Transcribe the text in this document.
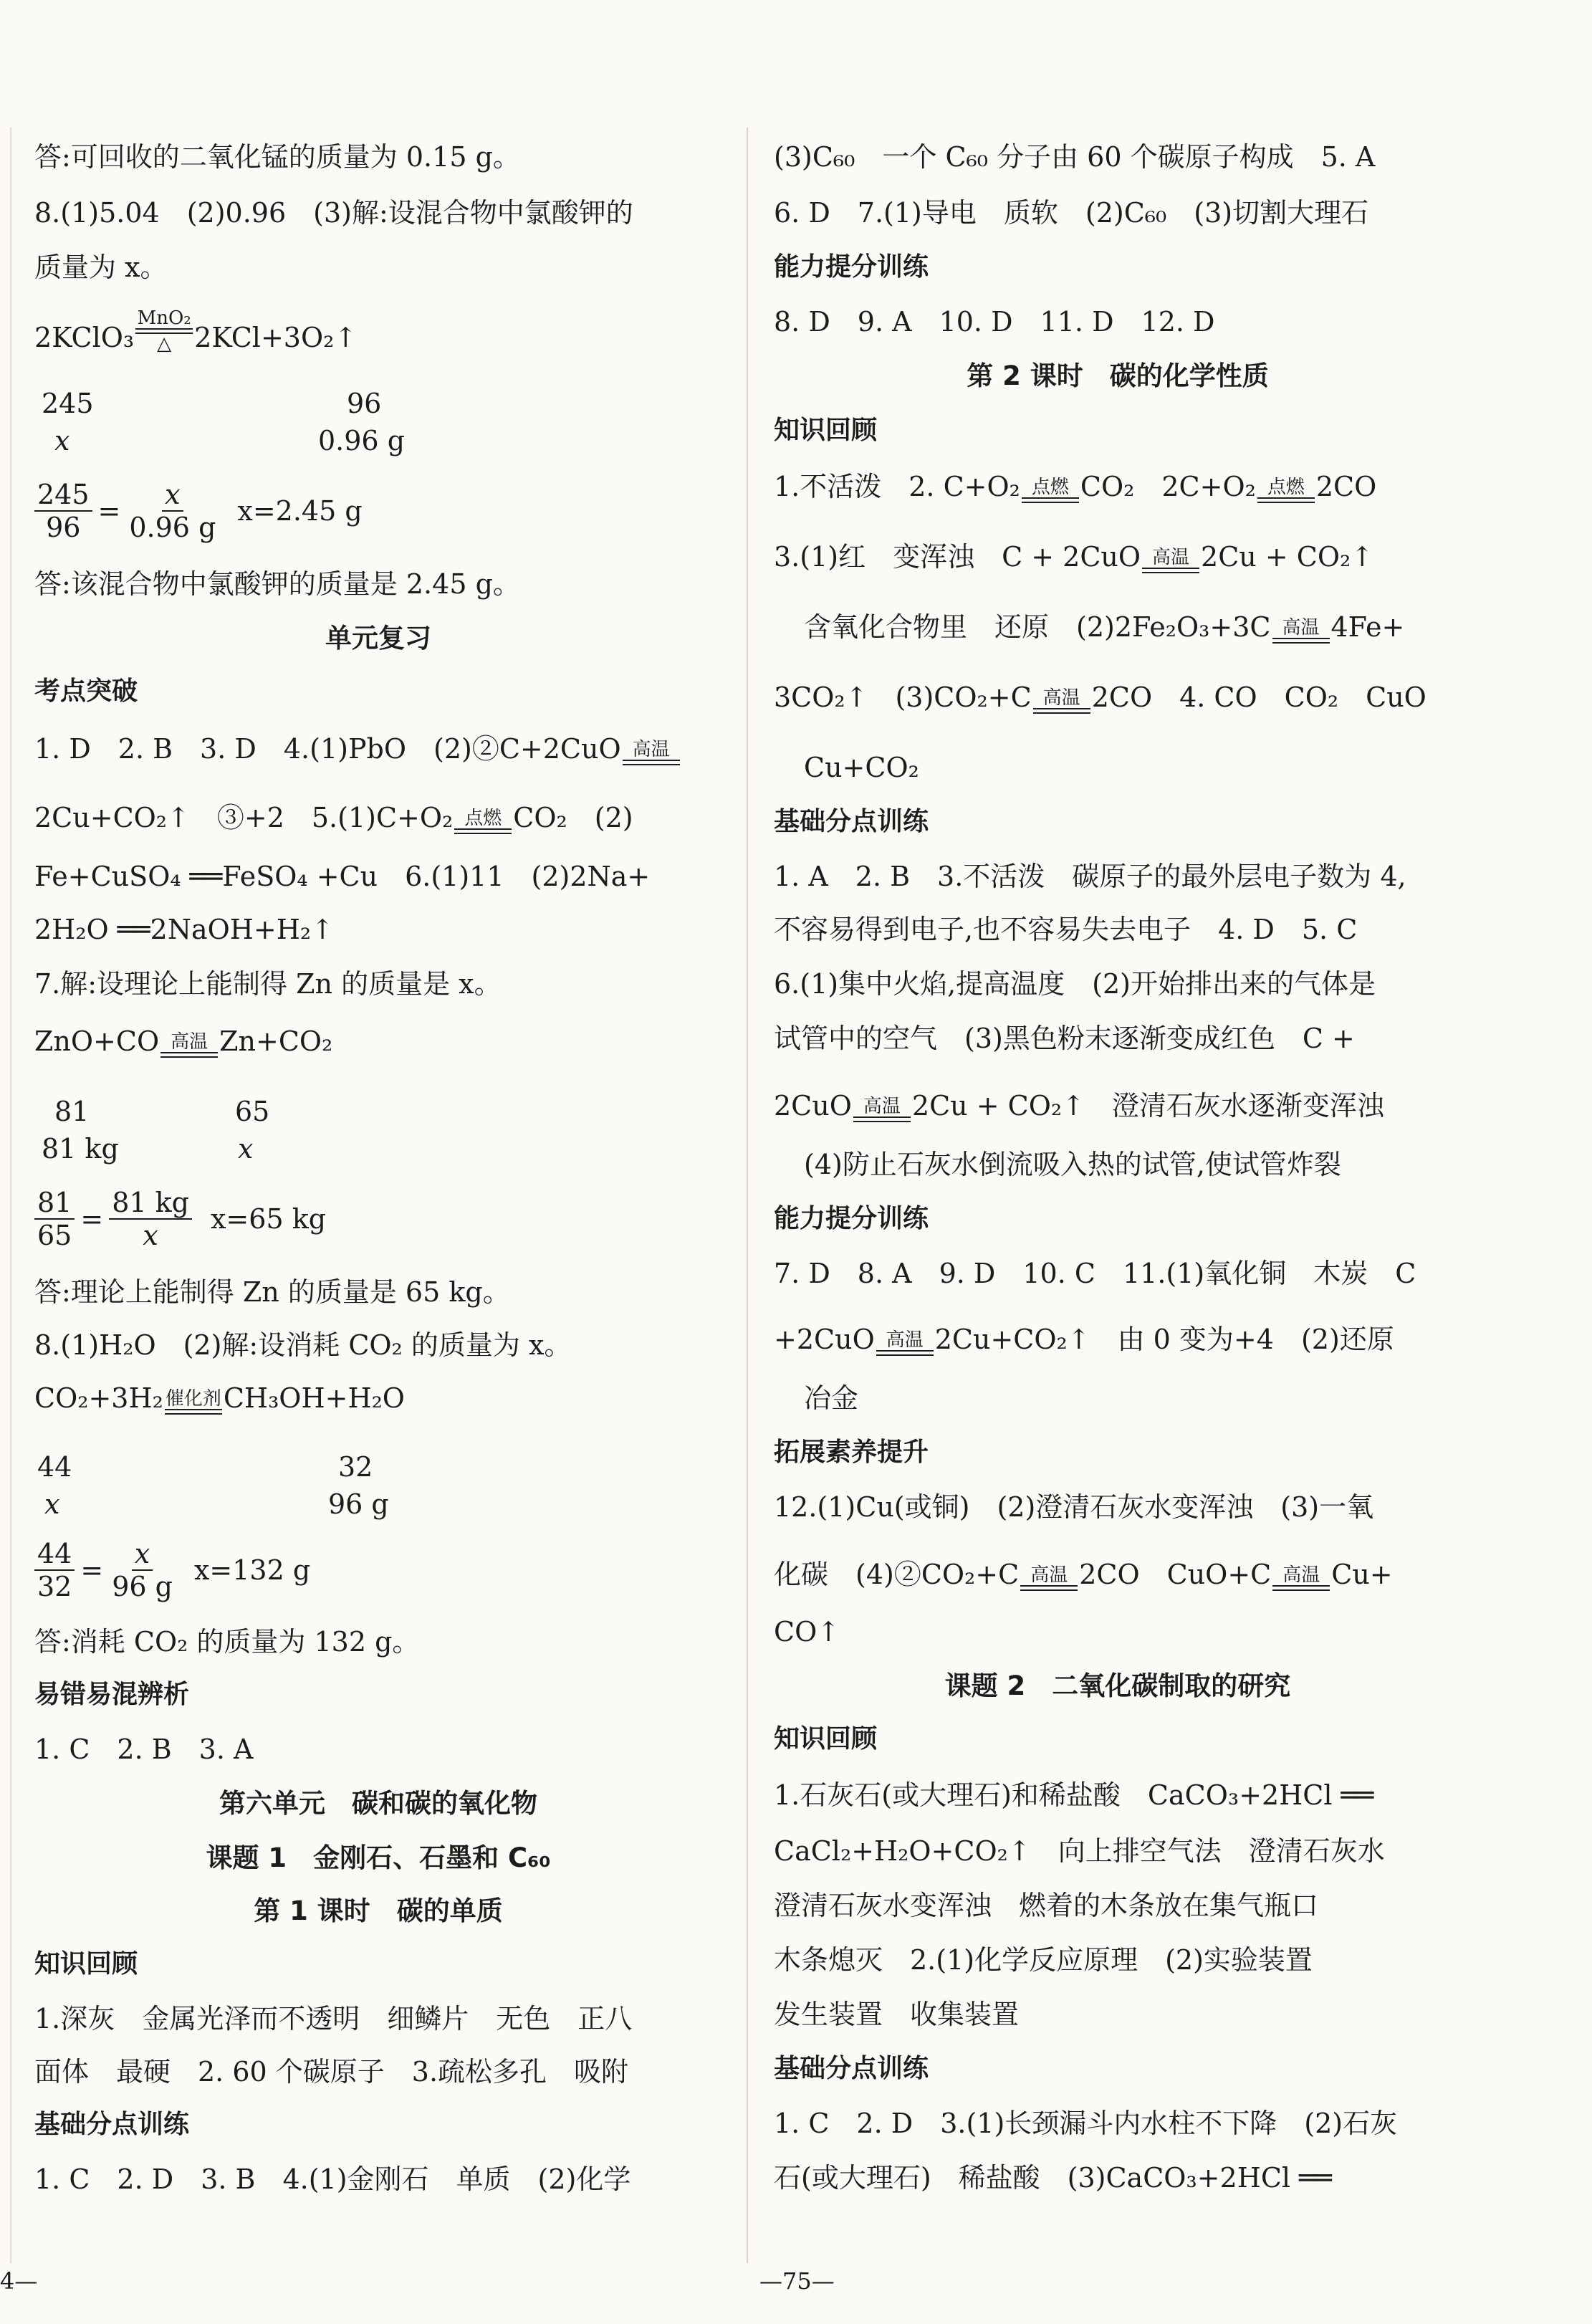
答:可回收的二氧化锰的质量为 0.15 g。
8.(1)5.04　(2)0.96　(3)解:设混合物中氯酸钾的
质量为 x。
2KClO₃
MnO₂
△ 2KCl+3O₂↑
245	96
x	0.96 g
$\frac{245}{96} = \frac{x}{0.96 g} x=2.45$ g
答:该混合物中氯酸钾的质量是 2.45 g。
单元复习
考点突破
1. D　2. B　3. D　4.(1)PbO　(2)②C+2CuO 高温
2Cu+CO₂↑　③+2　5.(1)C+O₂ 点燃 CO₂　(2)
Fe+CuSO₄ ══FeSO₄ +Cu　6.(1)11　(2)2Na+
2H₂O ══2NaOH+H₂↑
7.解:设理论上能制得 Zn 的质量是 x。
ZnO+CO 高温 Zn+CO₂
81	65
81 kg	x
$\frac{81}{65} = \frac{81 kg}{x} x=65$ kg
答:理论上能制得 Zn 的质量是 65 kg。
8.(1)H₂O　(2)解:设消耗 CO₂ 的质量为 x。
CO₂+3H₂ 催化剂 CH₃OH+H₂O
44	32
x	96 g
$\frac{44}{32} = \frac{x}{96 g} x=132$ g
答:消耗 CO₂ 的质量为 132 g。
易错易混辨析
1. C　2. B　3. A
第六单元　碳和碳的氧化物
课题 1　金刚石、石墨和 C₆₀
第 1 课时　碳的单质
知识回顾
1.深灰　金属光泽而不透明　细鳞片　无色　正八
面体　最硬　2. 60 个碳原子　3.疏松多孔　吸附
基础分点训练
1. C　2. D　3. B　4.(1)金刚石　单质　(2)化学
(3)C₆₀　一个 C₆₀ 分子由 60 个碳原子构成　5. A
6. D　7.(1)导电　质软　(2)C₆₀　(3)切割大理石
能力提分训练
8. D　9. A　10. D　11. D　12. D
第 2 课时　碳的化学性质
知识回顾
1.不活泼　2. C+O₂ 点燃 CO₂　2C+O₂ 点燃 2CO
3.(1)红　变浑浊　C + 2CuO 高温 2Cu + CO₂↑
含氧化合物里　还原　(2)2Fe₂O₃+3C 高温 4Fe+
3CO₂↑　(3)CO₂+C 高温 2CO　4. CO　CO₂　CuO
Cu+CO₂
基础分点训练
1. A　2. B　3.不活泼　碳原子的最外层电子数为 4,
不容易得到电子,也不容易失去电子　4. D　5. C
6.(1)集中火焰,提高温度　(2)开始排出来的气体是
试管中的空气　(3)黑色粉末逐渐变成红色　C +
2CuO 高温 2Cu + CO₂↑　澄清石灰水逐渐变浑浊
(4)防止石灰水倒流吸入热的试管,使试管炸裂
能力提分训练
7. D　8. A　9. D　10. C　11.(1)氧化铜　木炭　C
+2CuO 高温 2Cu+CO₂↑　由 0 变为+4　(2)还原
冶金
拓展素养提升
12.(1)Cu(或铜)　(2)澄清石灰水变浑浊　(3)一氧
化碳　(4)②CO₂+C 高温 2CO　CuO+C 高温 Cu+
CO↑
课题 2　二氧化碳制取的研究
知识回顾
1.石灰石(或大理石)和稀盐酸　CaCO₃+2HCl ══
CaCl₂+H₂O+CO₂↑　向上排空气法　澄清石灰水
澄清石灰水变浑浊　燃着的木条放在集气瓶口
木条熄灭　2.(1)化学反应原理　(2)实验装置
发生装置　收集装置
基础分点训练
1. C　2. D　3.(1)长颈漏斗内水柱不下降　(2)石灰
石(或大理石)　稀盐酸　(3)CaCO₃+2HCl ══
4—	—75—
